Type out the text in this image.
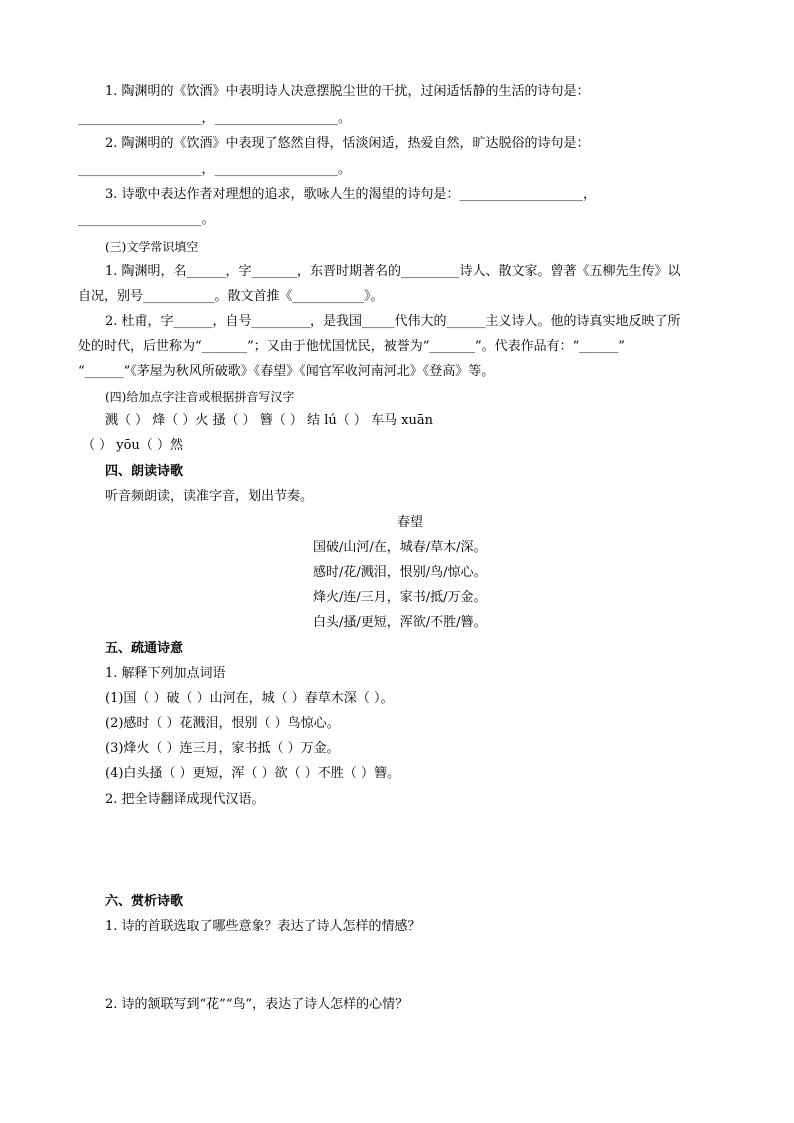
1. 陶渊明的《饮酒》中表明诗人决意摆脱尘世的干扰，过闲适恬静的生活的诗句是：
___________________，___________________。
2. 陶渊明的《饮酒》中表现了悠然自得，恬淡闲适，热爱自然，旷达脱俗的诗句是：
___________________，___________________。
3. 诗歌中表达作者对理想的追求，歌咏人生的渴望的诗句是：___________________，
___________________。
(三)文学常识填空
1. 陶渊明，名______，字_______，东晋时期著名的_________诗人、散文家。曾著《五柳先生传》以
自况，别号___________。散文首推《___________》。
2. 杜甫，字______，自号_________，是我国_____代伟大的______主义诗人。他的诗真实地反映了所
处的时代，后世称为“_______”；又由于他忧国忧民，被誉为“_______”。代表作品有：“______”
“______”《茅屋为秋风所破歌》《春望》《闻官军收河南河北》《登高》等。
(四)给加点字注音或根据拼音写汉字
溅（ ） 烽（ ）火 搔（ ） 簪（ ） 结 lú（ ） 车马 xuān
（ ） yōu（ ）然
四、朗读诗歌
听音频朗读，读准字音，划出节奏。
春望
国破/山河/在，城春/草木/深。
感时/花/溅泪，恨别/鸟/惊心。
烽火/连/三月，家书/抵/万金。
白头/搔/更短，浑欲/不胜/簪。
五、疏通诗意
1. 解释下列加点词语
(1)国（ ）破（ ）山河在，城（ ）春草木深（ ）。
(2)感时（ ）花溅泪，恨别（ ）鸟惊心。
(3)烽火（ ）连三月，家书抵（ ）万金。
(4)白头搔（ ）更短，浑（ ）欲（ ）不胜（ ）簪。
2. 把全诗翻译成现代汉语。
六、赏析诗歌
1. 诗的首联选取了哪些意象？表达了诗人怎样的情感？
2. 诗的颔联写到“花”“鸟”，表达了诗人怎样的心情？
